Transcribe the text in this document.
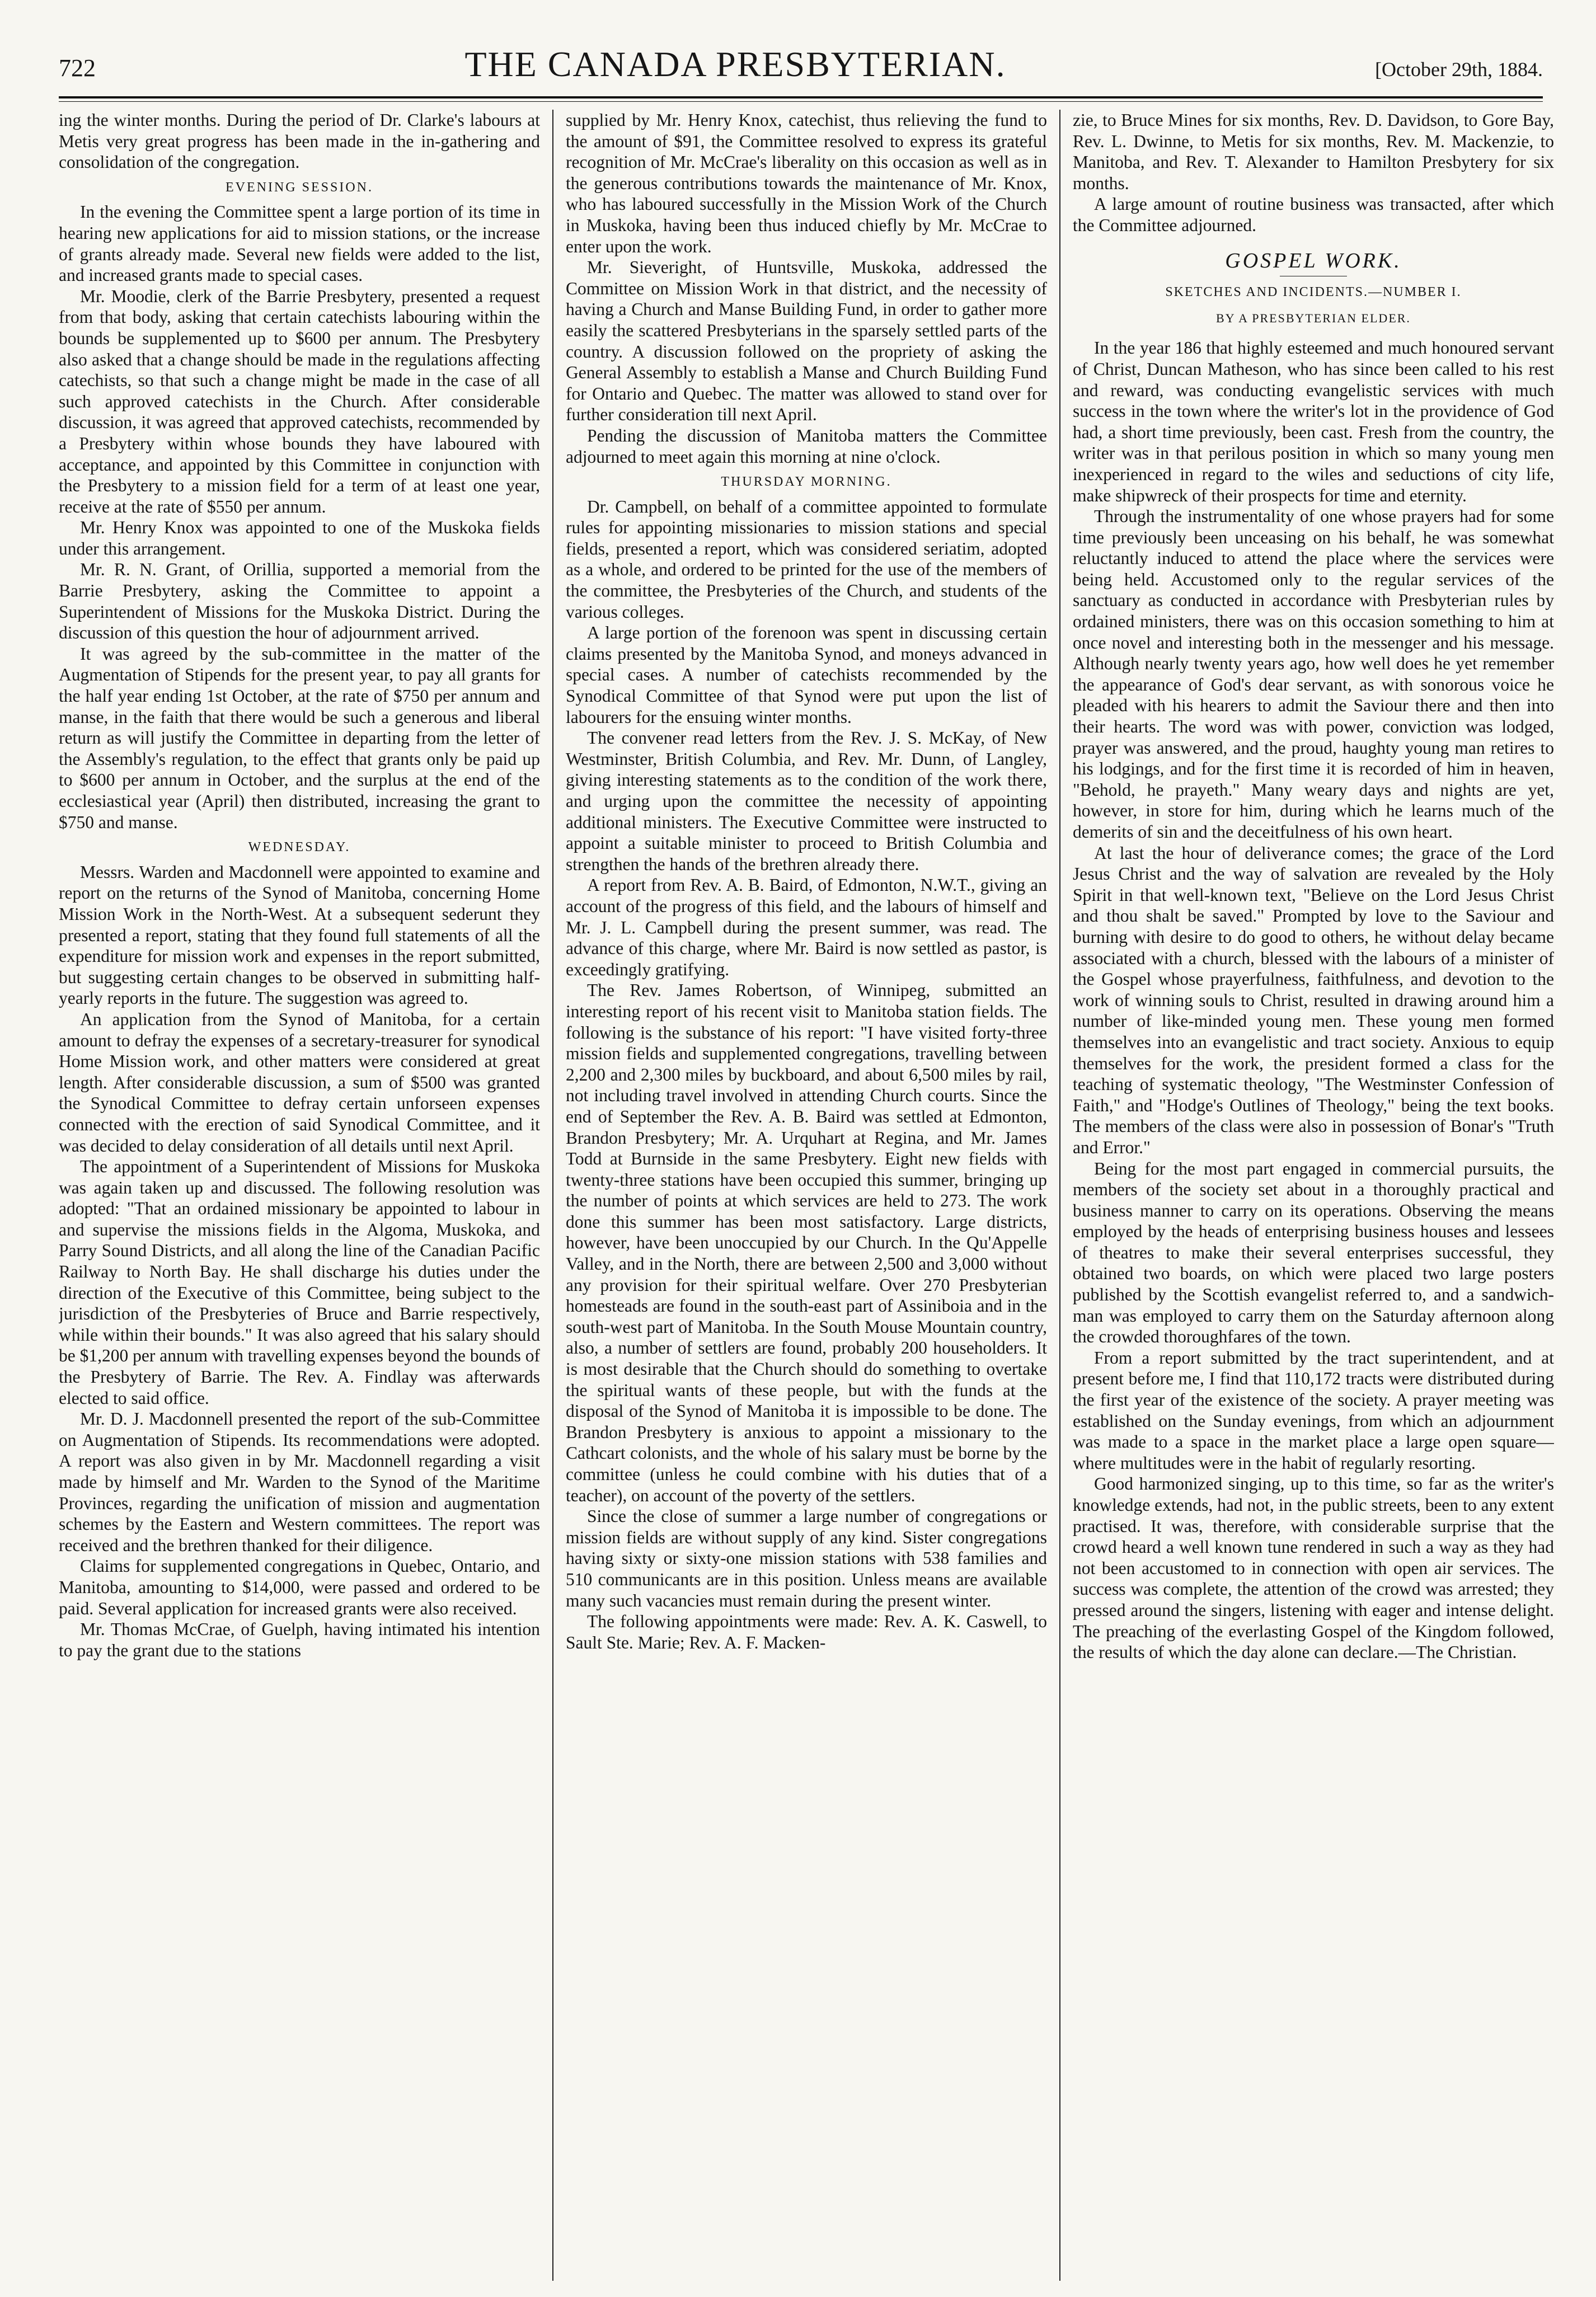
722	THE CANADA PRESBYTERIAN.	[October 29th, 1884.

ing the winter months. During the period of Dr. Clarke's labours at Metis very great progress has been made in the in-gathering and consolidation of the congregation.

EVENING SESSION.

In the evening the Committee spent a large portion of its time in hearing new applications for aid to mission stations, or the increase of grants already made. Several new fields were added to the list, and increased grants made to special cases.

Mr. Moodie, clerk of the Barrie Presbytery, presented a request from that body, asking that certain catechists labouring within the bounds be supplemented up to $600 per annum. The Presbytery also asked that a change should be made in the regulations affecting catechists, so that such a change might be made in the case of all such approved catechists in the Church. After considerable discussion, it was agreed that approved catechists, recommended by a Presbytery within whose bounds they have laboured with acceptance, and appointed by this Committee in conjunction with the Presbytery to a mission field for a term of at least one year, receive at the rate of $550 per annum.

Mr. Henry Knox was appointed to one of the Muskoka fields under this arrangement.

Mr. R. N. Grant, of Orillia, supported a memorial from the Barrie Presbytery, asking the Committee to appoint a Superintendent of Missions for the Muskoka District. During the discussion of this question the hour of adjournment arrived.

It was agreed by the sub-committee in the matter of the Augmentation of Stipends for the present year, to pay all grants for the half year ending 1st October, at the rate of $750 per annum and manse, in the faith that there would be such a generous and liberal return as will justify the Committee in departing from the letter of the Assembly's regulation, to the effect that grants only be paid up to $600 per annum in October, and the surplus at the end of the ecclesiastical year (April) then distributed, increasing the grant to $750 and manse.

WEDNESDAY.

Messrs. Warden and Macdonnell were appointed to examine and report on the returns of the Synod of Manitoba, concerning Home Mission Work in the North-West. At a subsequent sederunt they presented a report, stating that they found full statements of all the expenditure for mission work and expenses in the report submitted, but suggesting certain changes to be observed in submitting half-yearly reports in the future. The suggestion was agreed to.

An application from the Synod of Manitoba, for a certain amount to defray the expenses of a secretary-treasurer for synodical Home Mission work, and other matters were considered at great length. After considerable discussion, a sum of $500 was granted the Synodical Committee to defray certain unforseen expenses connected with the erection of said Synodical Committee, and it was decided to delay consideration of all details until next April.

The appointment of a Superintendent of Missions for Muskoka was again taken up and discussed. The following resolution was adopted: "That an ordained missionary be appointed to labour in and supervise the missions fields in the Algoma, Muskoka, and Parry Sound Districts, and all along the line of the Canadian Pacific Railway to North Bay. He shall discharge his duties under the direction of the Executive of this Committee, being subject to the jurisdiction of the Presbyteries of Bruce and Barrie respectively, while within their bounds." It was also agreed that his salary should be $1,200 per annum with travelling expenses beyond the bounds of the Presbytery of Barrie. The Rev. A. Findlay was afterwards elected to said office.

Mr. D. J. Macdonnell presented the report of the sub-Committee on Augmentation of Stipends. Its recommendations were adopted. A report was also given in by Mr. Macdonnell regarding a visit made by himself and Mr. Warden to the Synod of the Maritime Provinces, regarding the unification of mission and augmentation schemes by the Eastern and Western committees. The report was received and the brethren thanked for their diligence.

Claims for supplemented congregations in Quebec, Ontario, and Manitoba, amounting to $14,000, were passed and ordered to be paid. Several application for increased grants were also received.

Mr. Thomas McCrae, of Guelph, having intimated his intention to pay the grant due to the stations

supplied by Mr. Henry Knox, catechist, thus relieving the fund to the amount of $91, the Committee resolved to express its grateful recognition of Mr. McCrae's liberality on this occasion as well as in the generous contributions towards the maintenance of Mr. Knox, who has laboured successfully in the Mission Work of the Church in Muskoka, having been thus induced chiefly by Mr. McCrae to enter upon the work.

Mr. Sieveright, of Huntsville, Muskoka, addressed the Committee on Mission Work in that district, and the necessity of having a Church and Manse Building Fund, in order to gather more easily the scattered Presbyterians in the sparsely settled parts of the country. A discussion followed on the propriety of asking the General Assembly to establish a Manse and Church Building Fund for Ontario and Quebec. The matter was allowed to stand over for further consideration till next April.

Pending the discussion of Manitoba matters the Committee adjourned to meet again this morning at nine o'clock.

THURSDAY MORNING.

Dr. Campbell, on behalf of a committee appointed to formulate rules for appointing missionaries to mission stations and special fields, presented a report, which was considered seriatim, adopted as a whole, and ordered to be printed for the use of the members of the committee, the Presbyteries of the Church, and students of the various colleges.

A large portion of the forenoon was spent in discussing certain claims presented by the Manitoba Synod, and moneys advanced in special cases. A number of catechists recommended by the Synodical Committee of that Synod were put upon the list of labourers for the ensuing winter months.

The convener read letters from the Rev. J. S. McKay, of New Westminster, British Columbia, and Rev. Mr. Dunn, of Langley, giving interesting statements as to the condition of the work there, and urging upon the committee the necessity of appointing additional ministers. The Executive Committee were instructed to appoint a suitable minister to proceed to British Columbia and strengthen the hands of the brethren already there.

A report from Rev. A. B. Baird, of Edmonton, N.W.T., giving an account of the progress of this field, and the labours of himself and Mr. J. L. Campbell during the present summer, was read. The advance of this charge, where Mr. Baird is now settled as pastor, is exceedingly gratifying.

The Rev. James Robertson, of Winnipeg, submitted an interesting report of his recent visit to Manitoba station fields. The following is the substance of his report: "I have visited forty-three mission fields and supplemented congregations, travelling between 2,200 and 2,300 miles by buckboard, and about 6,500 miles by rail, not including travel involved in attending Church courts. Since the end of September the Rev. A. B. Baird was settled at Edmonton, Brandon Presbytery; Mr. A. Urquhart at Regina, and Mr. James Todd at Burnside in the same Presbytery. Eight new fields with twenty-three stations have been occupied this summer, bringing up the number of points at which services are held to 273. The work done this summer has been most satisfactory. Large districts, however, have been unoccupied by our Church. In the Qu'Appelle Valley, and in the North, there are between 2,500 and 3,000 without any provision for their spiritual welfare. Over 270 Presbyterian homesteads are found in the south-east part of Assiniboia and in the south-west part of Manitoba. In the South Mouse Mountain country, also, a number of settlers are found, probably 200 householders. It is most desirable that the Church should do something to overtake the spiritual wants of these people, but with the funds at the disposal of the Synod of Manitoba it is impossible to be done. The Brandon Presbytery is anxious to appoint a missionary to the Cathcart colonists, and the whole of his salary must be borne by the committee (unless he could combine with his duties that of a teacher), on account of the poverty of the settlers.

Since the close of summer a large number of congregations or mission fields are without supply of any kind. Sister congregations having sixty or sixty-one mission stations with 538 families and 510 communicants are in this position. Unless means are available many such vacancies must remain during the present winter.

The following appointments were made: Rev. A. K. Caswell, to Sault Ste. Marie; Rev. A. F. Macken-

zie, to Bruce Mines for six months, Rev. D. Davidson, to Gore Bay, Rev. L. Dwinne, to Metis for six months, Rev. M. Mackenzie, to Manitoba, and Rev. T. Alexander to Hamilton Presbytery for six months.

A large amount of routine business was transacted, after which the Committee adjourned.

GOSPEL WORK.
SKETCHES AND INCIDENTS.—NUMBER I.
BY A PRESBYTERIAN ELDER.

In the year 186 that highly esteemed and much honoured servant of Christ, Duncan Matheson, who has since been called to his rest and reward, was conducting evangelistic services with much success in the town where the writer's lot in the providence of God had, a short time previously, been cast. Fresh from the country, the writer was in that perilous position in which so many young men inexperienced in regard to the wiles and seductions of city life, make shipwreck of their prospects for time and eternity.

Through the instrumentality of one whose prayers had for some time previously been unceasing on his behalf, he was somewhat reluctantly induced to attend the place where the services were being held. Accustomed only to the regular services of the sanctuary as conducted in accordance with Presbyterian rules by ordained ministers, there was on this occasion something to him at once novel and interesting both in the messenger and his message. Although nearly twenty years ago, how well does he yet remember the appearance of God's dear servant, as with sonorous voice he pleaded with his hearers to admit the Saviour there and then into their hearts. The word was with power, conviction was lodged, prayer was answered, and the proud, haughty young man retires to his lodgings, and for the first time it is recorded of him in heaven, "Behold, he prayeth." Many weary days and nights are yet, however, in store for him, during which he learns much of the demerits of sin and the deceitfulness of his own heart.

At last the hour of deliverance comes; the grace of the Lord Jesus Christ and the way of salvation are revealed by the Holy Spirit in that well-known text, "Believe on the Lord Jesus Christ and thou shalt be saved." Prompted by love to the Saviour and burning with desire to do good to others, he without delay became associated with a church, blessed with the labours of a minister of the Gospel whose prayerfulness, faithfulness, and devotion to the work of winning souls to Christ, resulted in drawing around him a number of like-minded young men. These young men formed themselves into an evangelistic and tract society. Anxious to equip themselves for the work, the president formed a class for the teaching of systematic theology, "The Westminster Confession of Faith," and "Hodge's Outlines of Theology," being the text books. The members of the class were also in possession of Bonar's "Truth and Error."

Being for the most part engaged in commercial pursuits, the members of the society set about in a thoroughly practical and business manner to carry on its operations. Observing the means employed by the heads of enterprising business houses and lessees of theatres to make their several enterprises successful, they obtained two boards, on which were placed two large posters published by the Scottish evangelist referred to, and a sandwich-man was employed to carry them on the Saturday afternoon along the crowded thoroughfares of the town.

From a report submitted by the tract superintendent, and at present before me, I find that 110,172 tracts were distributed during the first year of the existence of the society. A prayer meeting was established on the Sunday evenings, from which an adjournment was made to a space in the market place a large open square—where multitudes were in the habit of regularly resorting.

Good harmonized singing, up to this time, so far as the writer's knowledge extends, had not, in the public streets, been to any extent practised. It was, therefore, with considerable surprise that the crowd heard a well known tune rendered in such a way as they had not been accustomed to in connection with open air services. The success was complete, the attention of the crowd was arrested; they pressed around the singers, listening with eager and intense delight. The preaching of the everlasting Gospel of the Kingdom followed, the results of which the day alone can declare.—The Christian.
